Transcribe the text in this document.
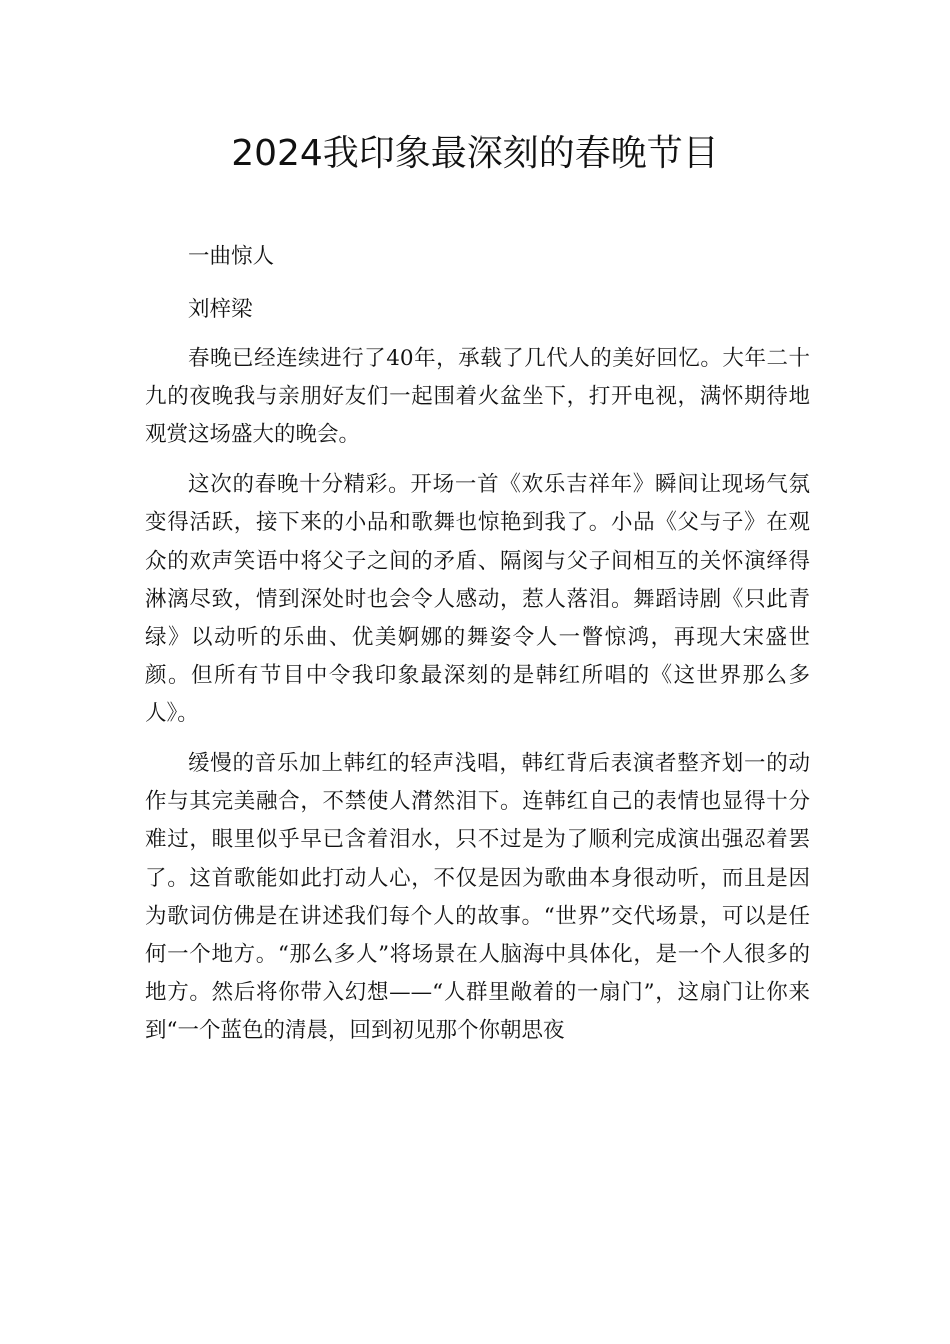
2024我印象最深刻的春晚节目

一曲惊人

刘梓梁

春晚已经连续进行了40年，承载了几代人的美好回忆。大年二十九的夜晚我与亲朋好友们一起围着火盆坐下，打开电视，满怀期待地观赏这场盛大的晚会。

这次的春晚十分精彩。开场一首《欢乐吉祥年》瞬间让现场气氛变得活跃，接下来的小品和歌舞也惊艳到我了。小品《父与子》在观众的欢声笑语中将父子之间的矛盾、隔阂与父子间相互的关怀演绎得淋漓尽致，情到深处时也会令人感动，惹人落泪。舞蹈诗剧《只此青绿》以动听的乐曲、优美婀娜的舞姿令人一瞥惊鸿，再现大宋盛世颜。但所有节目中令我印象最深刻的是韩红所唱的《这世界那么多人》。

缓慢的音乐加上韩红的轻声浅唱，韩红背后表演者整齐划一的动作与其完美融合，不禁使人潸然泪下。连韩红自己的表情也显得十分难过，眼里似乎早已含着泪水，只不过是为了顺利完成演出强忍着罢了。这首歌能如此打动人心，不仅是因为歌曲本身很动听，而且是因为歌词仿佛是在讲述我们每个人的故事。“世界”交代场景，可以是任何一个地方。“那么多人”将场景在人脑海中具体化，是一个人很多的地方。然后将你带入幻想——“人群里敞着的一扇门”，这扇门让你来到“一个蓝色的清晨，回到初见那个你朝思夜
